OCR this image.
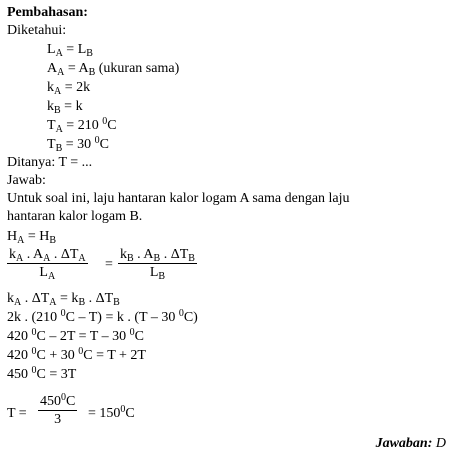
Pembahasan:
Diketahui:
$L_A = L_B$
$A_A = A_B$ (ukuran sama)
$k_A = 2k$
$k_B = k$
$T_A = 210$ $^0$C
$T_B = 30$ $^0$C
Ditanya: T = ...
Jawab:
Untuk soal ini, laju hantaran kalor logam A sama dengan laju
hantaran kalor logam B.
$H_A = H_B$
$k_A$ . $A_A$ . $\Delta T_A$
$L_A$
=
$k_B$ . $A_B$ . $\Delta T_B$
$L_B$
$k_A$ . $\Delta T_A = k_B$ . $\Delta T_B$
2k . (210 $^0$C – T) = k . (T – 30 $^0$C)
420 $^0$C – 2T = T – 30 $^0$C
420 $^0$C + 30 $^0$C = T + 2T
450 $^0$C = 3T
T =
$450^0C$
3	= $150^0C$
Jawaban: D
